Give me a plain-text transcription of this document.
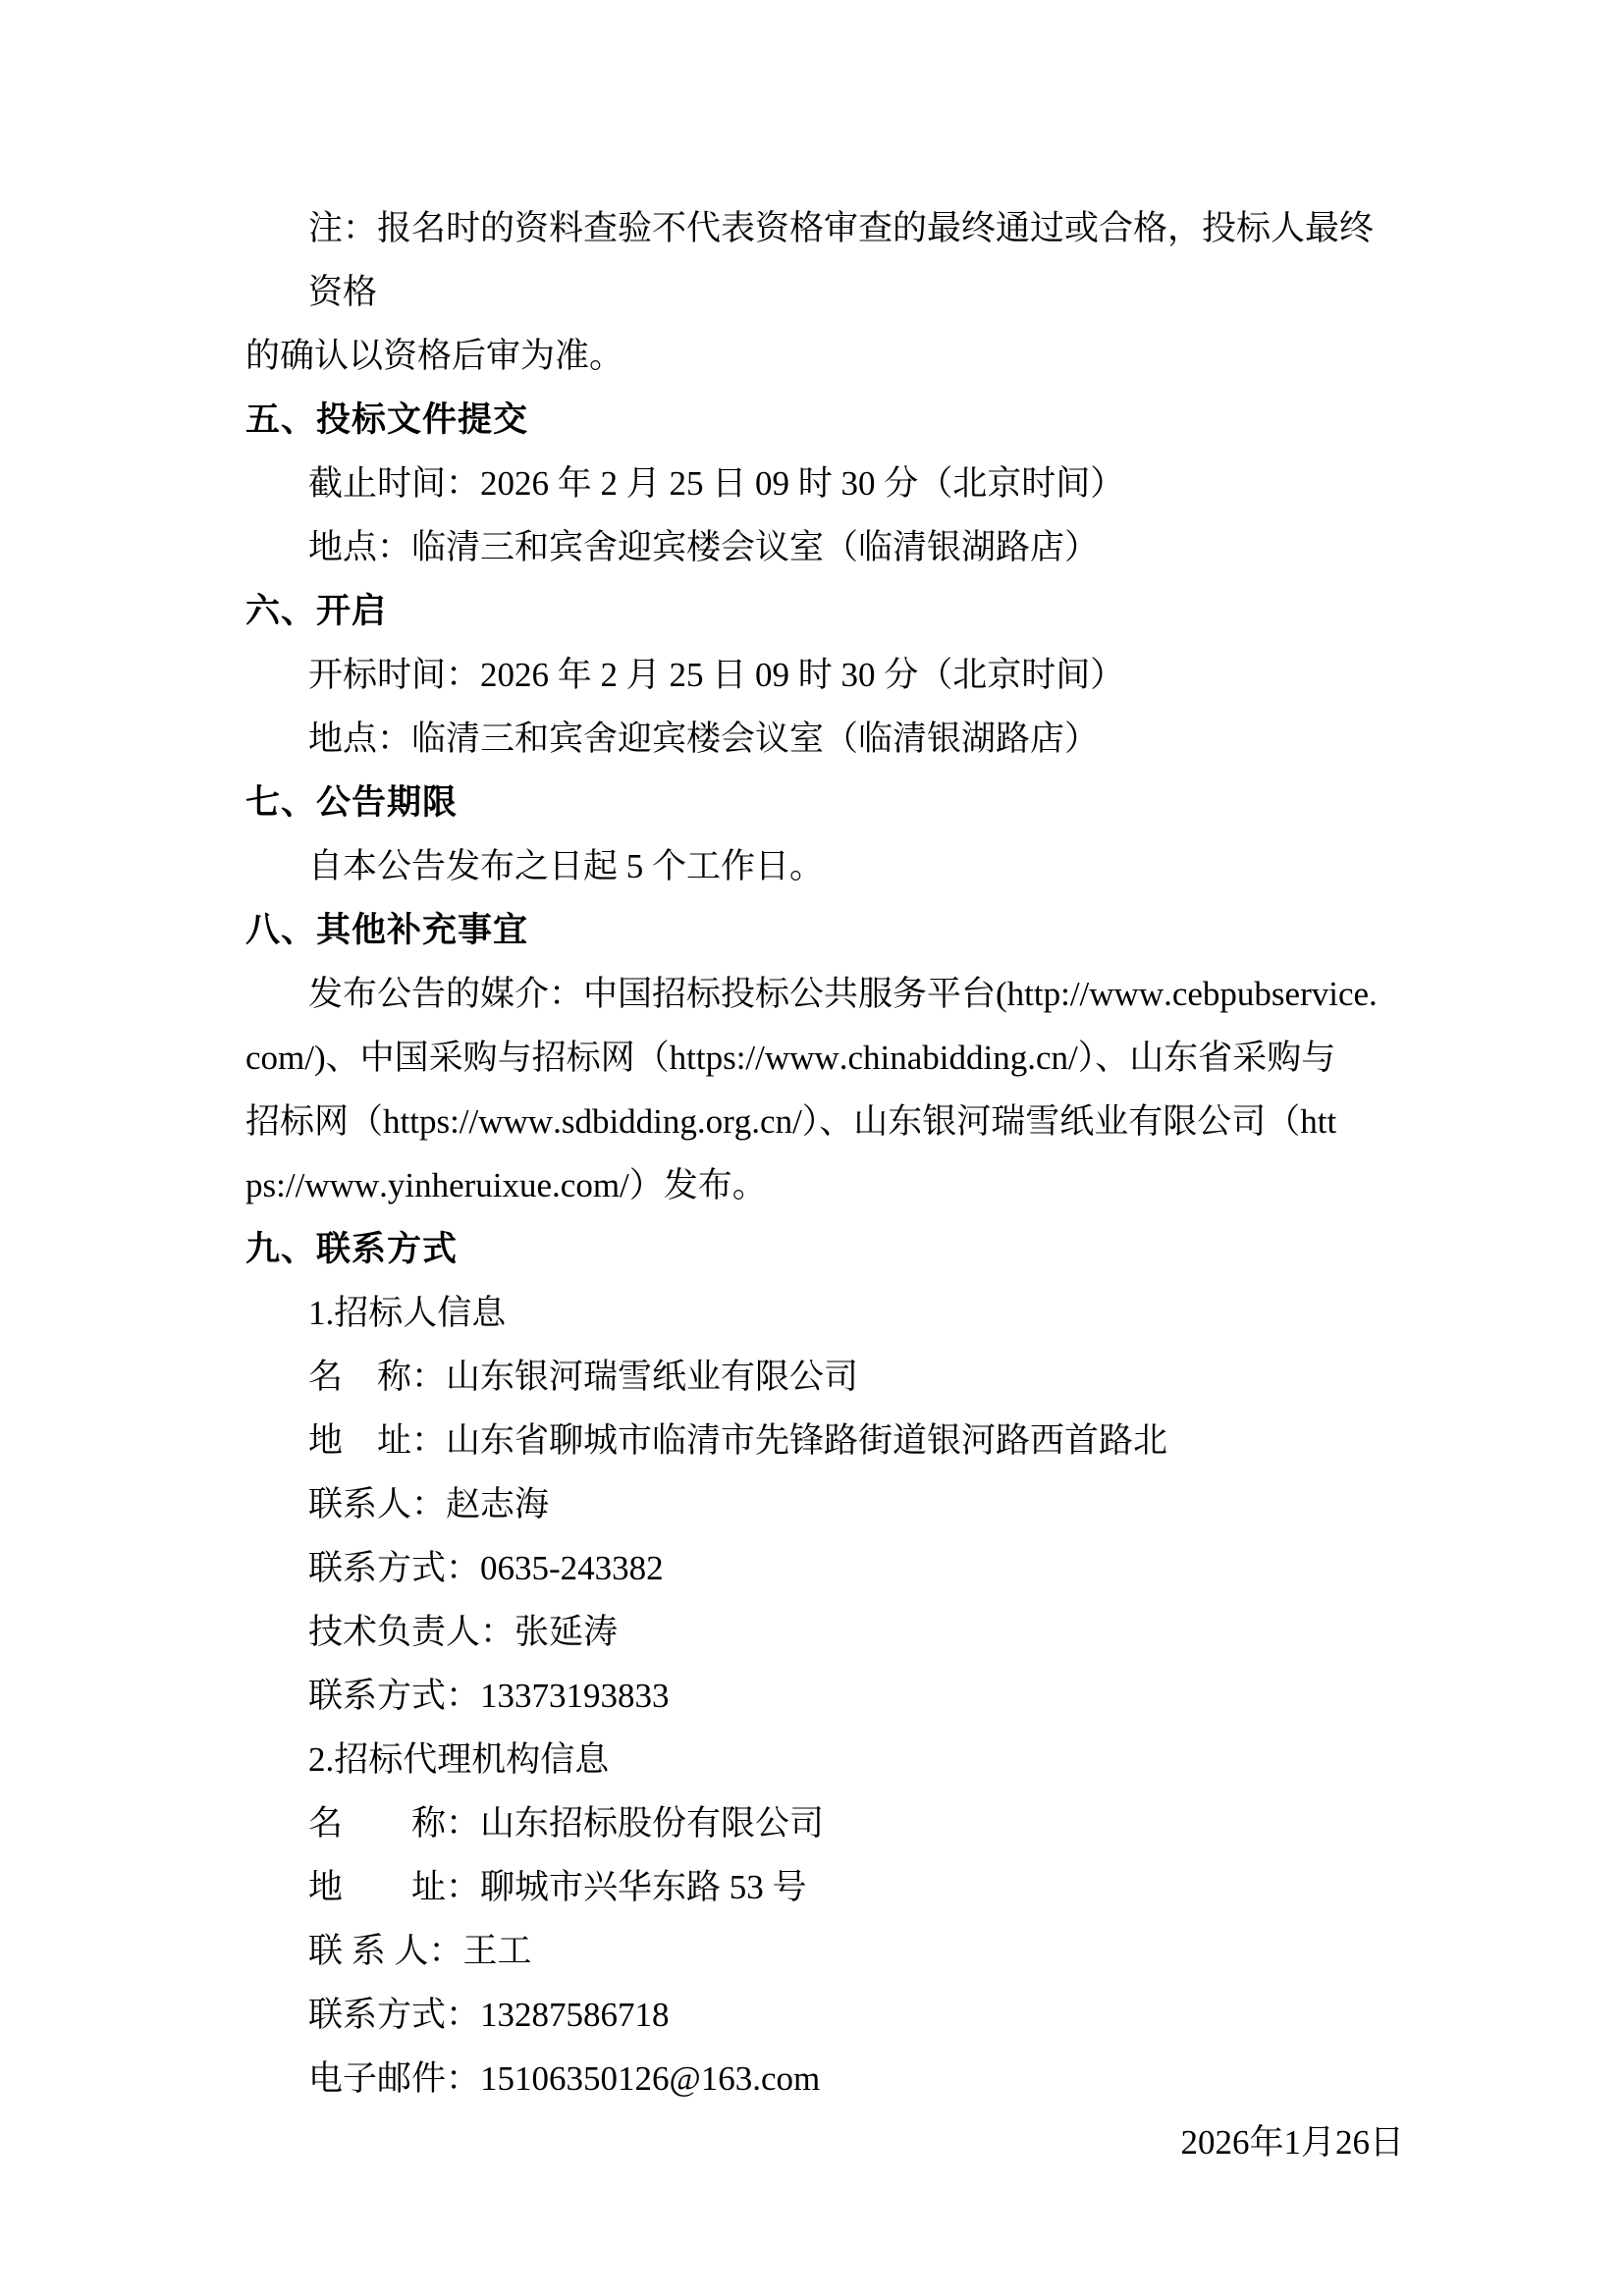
注：报名时的资料查验不代表资格审查的最终通过或合格，投标人最终资格
的确认以资格后审为准。
五、投标文件提交
截止时间：2026 年 2 月 25 日 09 时 30 分（北京时间）
地点：临清三和宾舍迎宾楼会议室（临清银湖路店）
六、开启
开标时间：2026 年 2 月 25 日 09 时 30 分（北京时间）
地点：临清三和宾舍迎宾楼会议室（临清银湖路店）
七、公告期限
自本公告发布之日起 5 个工作日。
八、其他补充事宜
发布公告的媒介：中国招标投标公共服务平台(http://www.cebpubservice.
com/)、中国采购与招标网（https://www.chinabidding.cn/）、山东省采购与
招标网（https://www.sdbidding.org.cn/）、山东银河瑞雪纸业有限公司（htt
ps://www.yinheruixue.com/）发布。
九、联系方式
1.招标人信息
名　称：山东银河瑞雪纸业有限公司
地　址：山东省聊城市临清市先锋路街道银河路西首路北
联系人：赵志海
联系方式：0635-243382
技术负责人：张延涛
联系方式：13373193833
2.招标代理机构信息
名　　称：山东招标股份有限公司
地　　址：聊城市兴华东路 53 号
联 系 人：王工
联系方式：13287586718
电子邮件：15106350126@163.com
2026年1月26日
